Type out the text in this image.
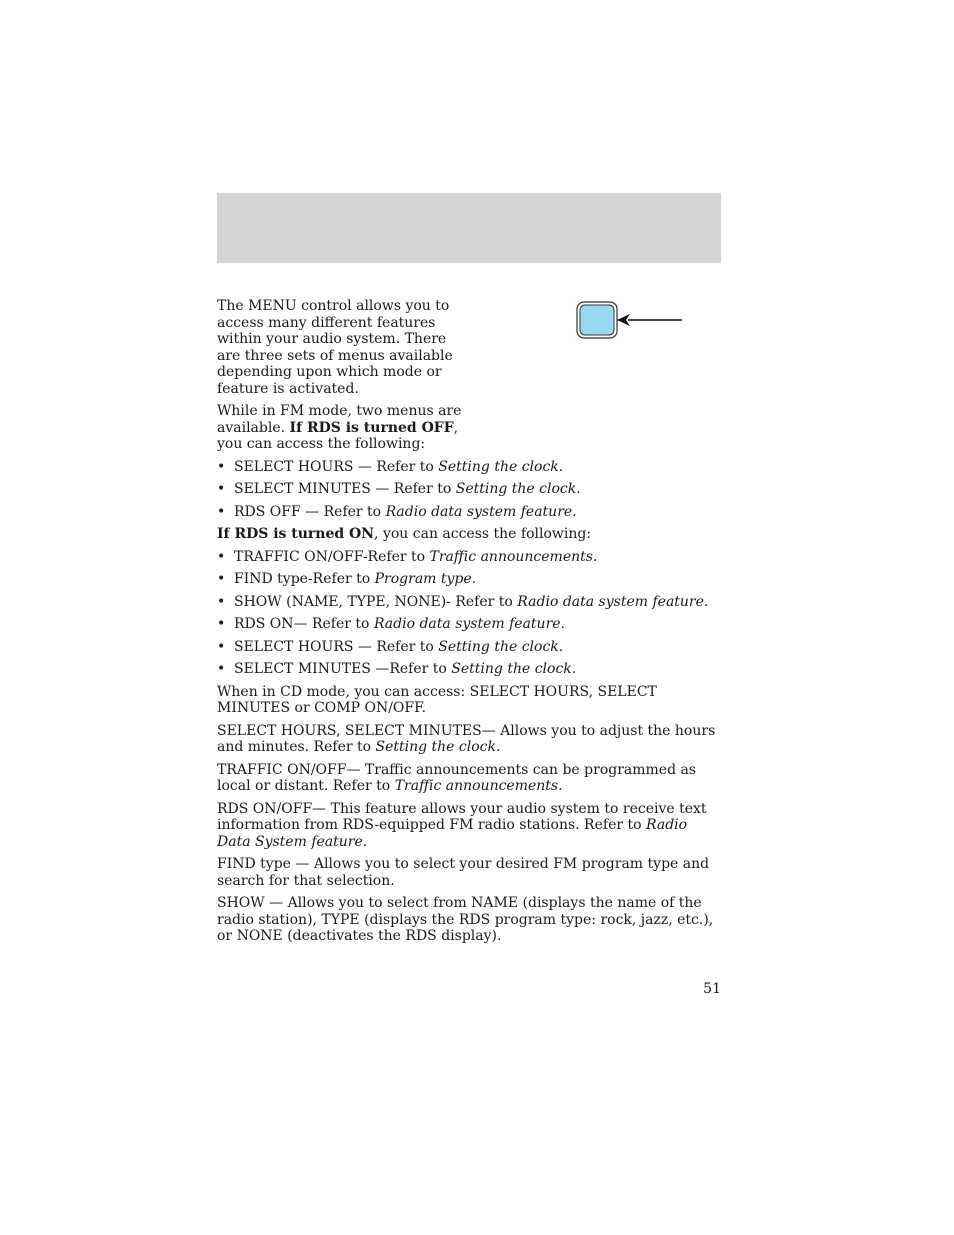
The MENU control allows you to access many different features within your audio system. There are three sets of menus available depending upon which mode or feature is activated.

While in FM mode, two menus are available. If RDS is turned OFF, you can access the following:

• SELECT HOURS — Refer to Setting the clock.
• SELECT MINUTES — Refer to Setting the clock.
• RDS OFF — Refer to Radio data system feature.

If RDS is turned ON, you can access the following:

• TRAFFIC ON/OFF-Refer to Traffic announcements.
• FIND type-Refer to Program type.
• SHOW (NAME, TYPE, NONE)- Refer to Radio data system feature.
• RDS ON— Refer to Radio data system feature.
• SELECT HOURS — Refer to Setting the clock.
• SELECT MINUTES —Refer to Setting the clock.

When in CD mode, you can access: SELECT HOURS, SELECT MINUTES or COMP ON/OFF.

SELECT HOURS, SELECT MINUTES— Allows you to adjust the hours and minutes. Refer to Setting the clock.

TRAFFIC ON/OFF— Traffic announcements can be programmed as local or distant. Refer to Traffic announcements.

RDS ON/OFF— This feature allows your audio system to receive text information from RDS-equipped FM radio stations. Refer to Radio Data System feature.

FIND type — Allows you to select your desired FM program type and search for that selection.

SHOW — Allows you to select from NAME (displays the name of the radio station), TYPE (displays the RDS program type: rock, jazz, etc.), or NONE (deactivates the RDS display).

51
